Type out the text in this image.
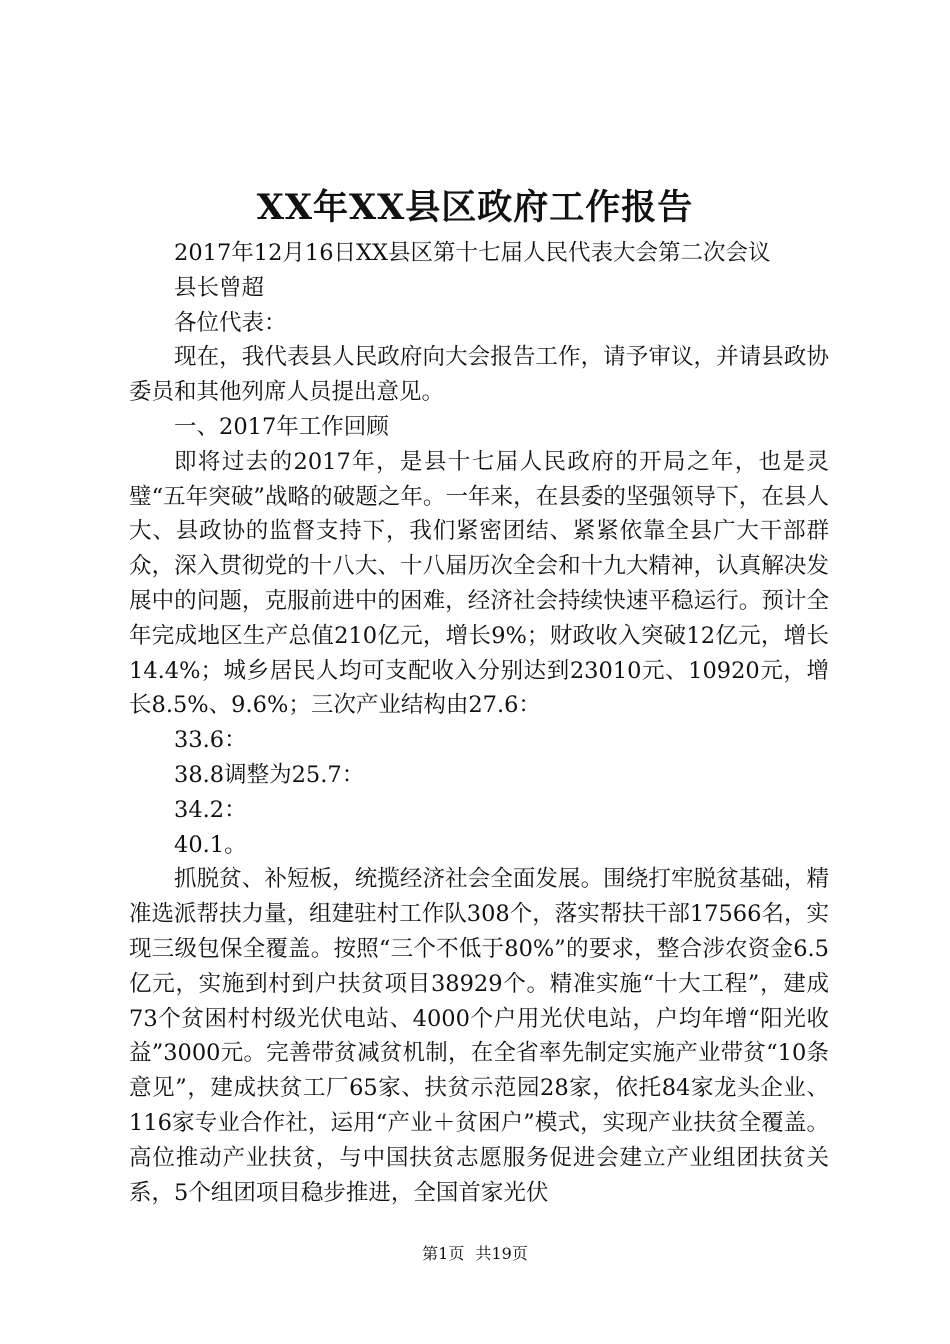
XX年XX县区政府工作报告

2017年12月16日XX县区第十七届人民代表大会第二次会议

县长曾超

各位代表：

现在，我代表县人民政府向大会报告工作，请予审议，并请县政协委员和其他列席人员提出意见。

一、2017年工作回顾

即将过去的2017年，是县十七届人民政府的开局之年，也是灵璧“五年突破”战略的破题之年。一年来，在县委的坚强领导下，在县人大、县政协的监督支持下，我们紧密团结、紧紧依靠全县广大干部群众，深入贯彻党的十八大、十八届历次全会和十九大精神，认真解决发展中的问题，克服前进中的困难，经济社会持续快速平稳运行。预计全年完成地区生产总值210亿元，增长9%；财政收入突破12亿元，增长14.4%；城乡居民人均可支配收入分别达到23010元、10920元，增长8.5%、9.6%；三次产业结构由27.6：

33.6：

38.8调整为25.7：

34.2：

40.1。

抓脱贫、补短板，统揽经济社会全面发展。围绕打牢脱贫基础，精准选派帮扶力量，组建驻村工作队308个，落实帮扶干部17566名，实现三级包保全覆盖。按照“三个不低于80%”的要求，整合涉农资金6.5亿元，实施到村到户扶贫项目38929个。精准实施“十大工程”，建成73个贫困村村级光伏电站、4000个户用光伏电站，户均年增“阳光收益”3000元。完善带贫减贫机制，在全省率先制定实施产业带贫“10条意见”，建成扶贫工厂65家、扶贫示范园28家，依托84家龙头企业、116家专业合作社，运用“产业＋贫困户”模式，实现产业扶贫全覆盖。高位推动产业扶贫，与中国扶贫志愿服务促进会建立产业组团扶贫关系，5个组团项目稳步推进，全国首家光伏

第1页 共19页
